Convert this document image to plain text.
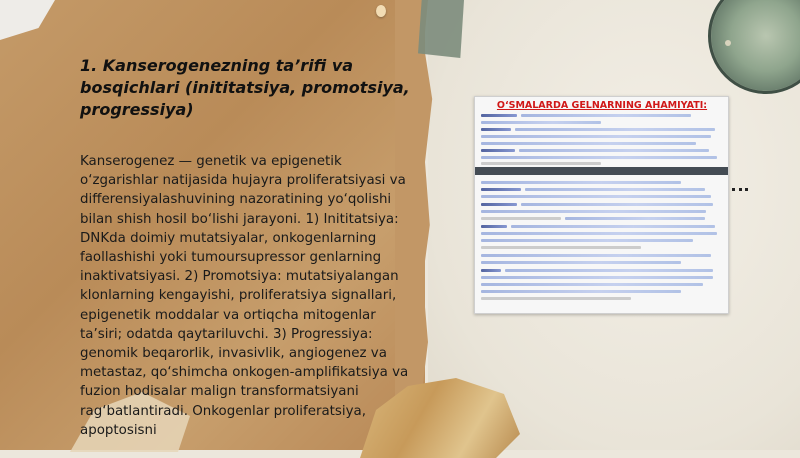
1. Kanserogenezning ta’rifi va bosqichlari (inititatsiya, promotsiya, progressiya)

Kanserogenez — genetik va epigenetik o‘zgarishlar natijasida hujayra proliferatsiyasi va differensiyalashuvining nazoratining yo‘qolishi bilan shish hosil bo‘lishi jarayoni. 1) Inititatsiya: DNKda doimiy mutatsiyalar, onkogenlarning faollashishi yoki tumoursupressor genlarning inaktivatsiyasi. 2) Promotsiya: mutatsiyalangan klonlarning kengayishi, proliferatsiya signallari, epigenetik moddalar va ortiqcha mitogenlar ta’siri; odatda qaytariluvchi. 3) Progressiya: genomik beqarorlik, invasivlik, angiogenez va metastaz, qo‘shimcha onkogen-amplifikatsiya va fuzion hodisalar malign transformatsiyani rag‘batlantiradi. Onkogenlar proliferatsiya, apoptosisni

O‘SMALARDA GELNARNING AHAMIYATI:
